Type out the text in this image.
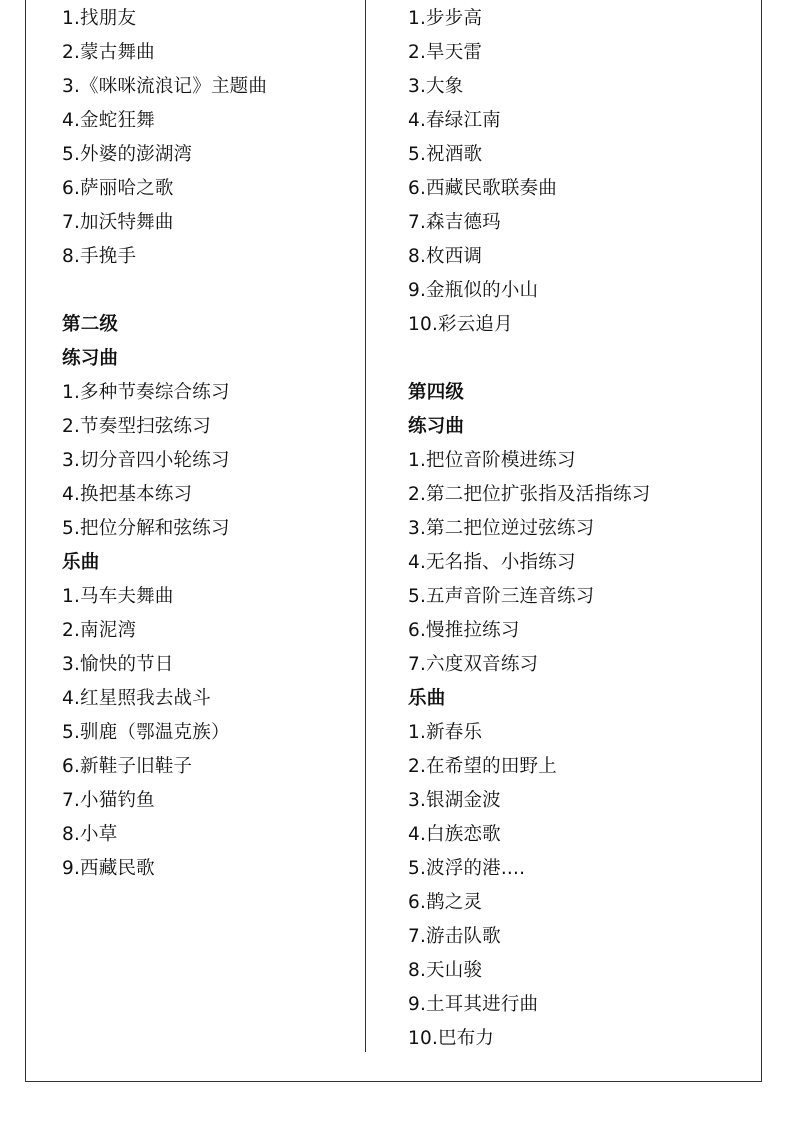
1.找朋友
2.蒙古舞曲
3.《咪咪流浪记》主题曲
4.金蛇狂舞
5.外婆的澎湖湾
6.萨丽哈之歌
7.加沃特舞曲
8.手挽手
第二级
练习曲
1.多种节奏综合练习
2.节奏型扫弦练习
3.切分音四小轮练习
4.换把基本练习
5.把位分解和弦练习
乐曲
1.马车夫舞曲
2.南泥湾
3.愉快的节日
4.红星照我去战斗
5.驯鹿（鄂温克族）
6.新鞋子旧鞋子
7.小猫钓鱼
8.小草
9.西藏民歌
1.步步高
2.旱天雷
3.大象
4.春绿江南
5.祝酒歌
6.西藏民歌联奏曲
7.森吉德玛
8.枚西调
9.金瓶似的小山
10.彩云追月
第四级
练习曲
1.把位音阶模进练习
2.第二把位扩张指及活指练习
3.第二把位逆过弦练习
4.无名指、小指练习
5.五声音阶三连音练习
6.慢推拉练习
7.六度双音练习
乐曲
1.新春乐
2.在希望的田野上
3.银湖金波
4.白族恋歌
5.波浮的港....
6.鹊之灵
7.游击队歌
8.天山骏
9.土耳其进行曲
10.巴布力
